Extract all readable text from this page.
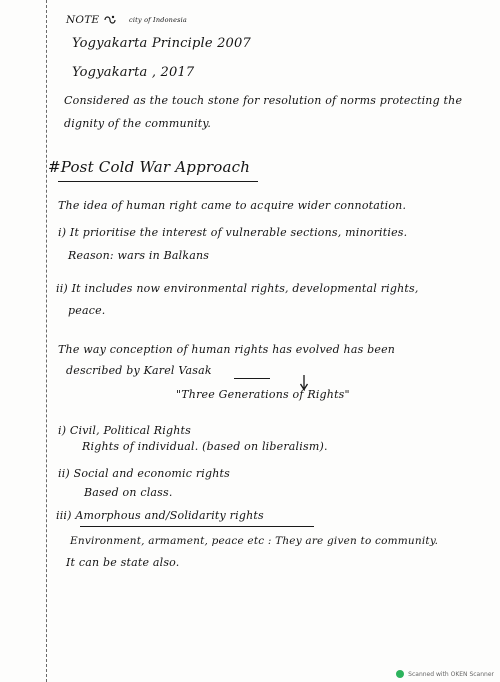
NOTE	city of Indonesia
Yogyakarta Principle 2007
Yogyakarta , 2017
Considered as the touch stone for resolution of norms protecting the
dignity of the community.
#Post Cold War Approach
The idea of human right came to acquire wider connotation.
i) It prioritise the interest of vulnerable sections, minorities.
Reason: wars in Balkans
ii) It includes now environmental rights, developmental rights,
peace.
The way conception of human rights has evolved has been
described by Karel Vasak
"Three Generations of Rights"
i) Civil, Political Rights
Rights of individual. (based on liberalism).
ii) Social and economic rights
Based on class.
iii) Amorphous and/Solidarity rights
Environment, armament, peace etc : They are given to community.
It can be state also.
Scanned with OKEN Scanner
